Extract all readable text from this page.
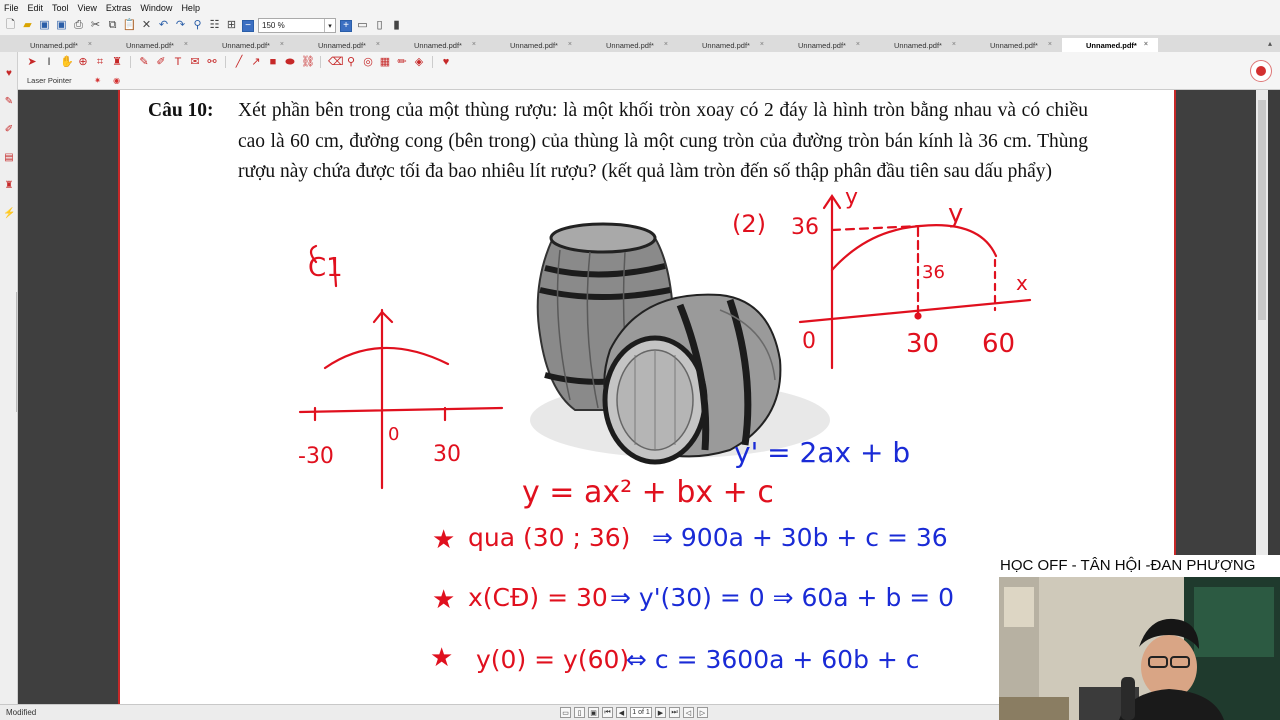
File Edit Tool View Extras Window Help
🗋 ▰ ▣ ▣ ⎙ ✂ ⧉ 📋 ✕ ↶ ↷ ⚲ ☷ ⊞ −	150 %	▾	+ ▭ ▯ ▮
Unnamed.pdf* ×	Unnamed.pdf* ×	Unnamed.pdf* ×	Unnamed.pdf* ×	Unnamed.pdf* ×	Unnamed.pdf* ×	Unnamed.pdf* ×	Unnamed.pdf* ×	Unnamed.pdf* ×	Unnamed.pdf* ×	Unnamed.pdf* ×	Unnamed.pdf* ×	▴
➤ I ✋ ⊕ ⌗ ♜ ✎ ✐ T ✉ ⚯ ╱ ↗ ■ ⬬ ⛓ ⌫ ⚲ ◎ ▦ ✏ ◈ ♥
Laser Pointer	✷	◉
♥
✎
✐
▤
♜
⚡
Câu 10: Xét phần bên trong của một thùng rượu: là một khối tròn xoay có 2 đáy là hình tròn bằng nhau và có chiều cao là 60 cm, đường cong (bên trong) của thùng là một cung tròn của đường tròn bán kính là 36 cm. Thùng rượu này chứa được tối đa bao nhiêu lít rượu? (kết quả làm tròn đến số thập phân đầu tiên sau dấu phẩy)
-30	30
0
C1
(2) 36
y
y
x
36
0	30 60
y' = 2ax + b
y = ax² + bx + c
★ qua (30 ; 36) ⇒ 900a + 30b + c = 36
★ x(CĐ) = 30 ⇒ y'(30) = 0 ⇒ 60a + b = 0
★ y(0) = y(60)
⇔ c = 3600a + 60b + c
Modified	▭	▯	▣	⏮	◀	1 of 1	▶	⏭	◁	▷
HỌC OFF - TÂN HỘI -ĐAN PHƯỢNG
